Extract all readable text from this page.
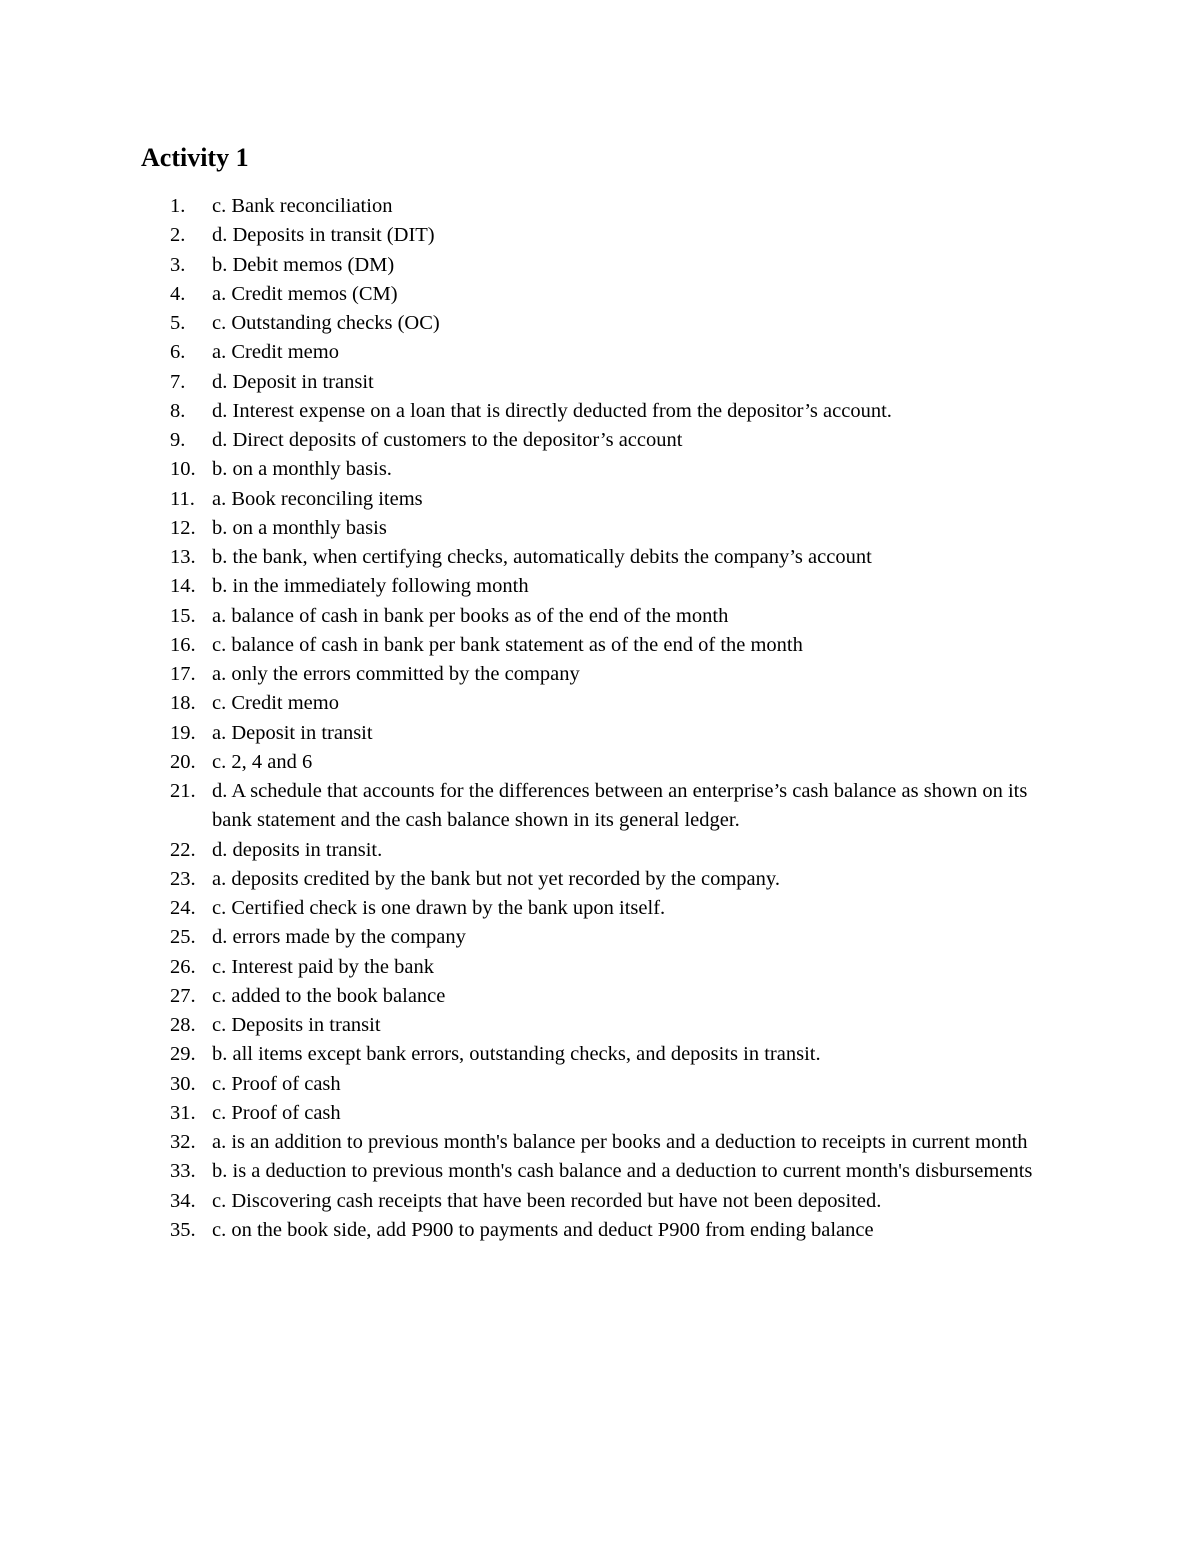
Activity 1
1.	c. Bank reconciliation
2.	d. Deposits in transit (DIT)
3.	b. Debit memos (DM)
4.	a. Credit memos (CM)
5.	c. Outstanding checks (OC)
6.	a. Credit memo
7.	d. Deposit in transit
8.	d. Interest expense on a loan that is directly deducted from the depositor’s account.
9.	d. Direct deposits of customers to the depositor’s account
10. b. on a monthly basis.
11. a. Book reconciling items
12. b. on a monthly basis
13. b. the bank, when certifying checks, automatically debits the company’s account
14. b. in the immediately following month
15. a. balance of cash in bank per books as of the end of the month
16. c. balance of cash in bank per bank statement as of the end of the month
17. a. only the errors committed by the company
18. c. Credit memo
19. a. Deposit in transit
20. c. 2, 4 and 6
21. d. A schedule that accounts for the differences between an enterprise’s cash balance as shown on its bank statement and the cash balance shown in its general ledger.
22. d. deposits in transit.
23. a. deposits credited by the bank but not yet recorded by the company.
24. c. Certified check is one drawn by the bank upon itself.
25. d. errors made by the company
26. c. Interest paid by the bank
27. c. added to the book balance
28. c. Deposits in transit
29. b. all items except bank errors, outstanding checks, and deposits in transit.
30. c. Proof of cash
31. c. Proof of cash
32. a. is an addition to previous month's balance per books and a deduction to receipts in current month
33. b. is a deduction to previous month's cash balance and a deduction to current month's disbursements
34. c. Discovering cash receipts that have been recorded but have not been deposited.
35. c. on the book side, add P900 to payments and deduct P900 from ending balance
